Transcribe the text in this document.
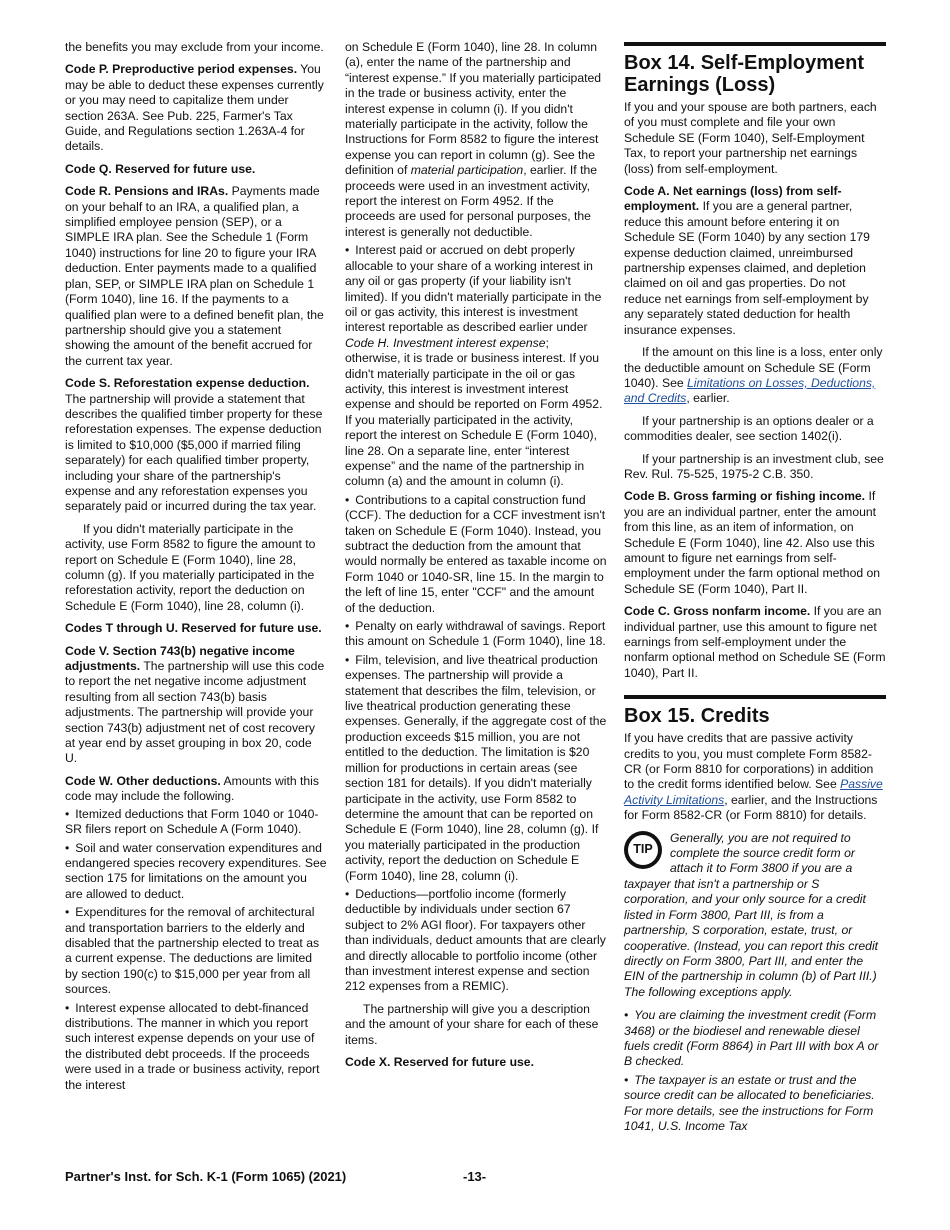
the benefits you may exclude from your income.

Code P. Preproductive period expenses. You may be able to deduct these expenses currently or you may need to capitalize them under section 263A. See Pub. 225, Farmer's Tax Guide, and Regulations section 1.263A-4 for details.

Code Q. Reserved for future use.

Code R. Pensions and IRAs. Payments made on your behalf to an IRA, a qualified plan, a simplified employee pension (SEP), or a SIMPLE IRA plan. See the Schedule 1 (Form 1040) instructions for line 20 to figure your IRA deduction. Enter payments made to a qualified plan, SEP, or SIMPLE IRA plan on Schedule 1 (Form 1040), line 16. If the payments to a qualified plan were to a defined benefit plan, the partnership should give you a statement showing the amount of the benefit accrued for the current tax year.

Code S. Reforestation expense deduction. The partnership will provide a statement that describes the qualified timber property for these reforestation expenses. The expense deduction is limited to $10,000 ($5,000 if married filing separately) for each qualified timber property, including your share of the partnership's expense and any reforestation expenses you separately paid or incurred during the tax year.

If you didn't materially participate in the activity, use Form 8582 to figure the amount to report on Schedule E (Form 1040), line 28, column (g). If you materially participated in the reforestation activity, report the deduction on Schedule E (Form 1040), line 28, column (i).

Codes T through U. Reserved for future use.

Code V. Section 743(b) negative income adjustments. The partnership will use this code to report the net negative income adjustment resulting from all section 743(b) basis adjustments. The partnership will provide your section 743(b) adjustment net of cost recovery at year end by asset grouping in box 20, code U.

Code W. Other deductions. Amounts with this code may include the following.

• Itemized deductions that Form 1040 or 1040-SR filers report on Schedule A (Form 1040).
• Soil and water conservation expenditures and endangered species recovery expenditures. See section 175 for limitations on the amount you are allowed to deduct.
• Expenditures for the removal of architectural and transportation barriers to the elderly and disabled that the partnership elected to treat as a current expense. The deductions are limited by section 190(c) to $15,000 per year from all sources.
• Interest expense allocated to debt-financed distributions. The manner in which you report such interest expense depends on your use of the distributed debt proceeds. If the proceeds were used in a trade or business activity, report the interest

on Schedule E (Form 1040), line 28. In column (a), enter the name of the partnership and “interest expense.” If you materially participated in the trade or business activity, enter the interest expense in column (i). If you didn't materially participate in the activity, follow the Instructions for Form 8582 to figure the interest expense you can report in column (g). See the definition of material participation, earlier. If the proceeds were used in an investment activity, report the interest on Form 4952. If the proceeds are used for personal purposes, the interest is generally not deductible.

• Interest paid or accrued on debt properly allocable to your share of a working interest in any oil or gas property (if your liability isn't limited). If you didn't materially participate in the oil or gas activity, this interest is investment interest reportable as described earlier under Code H. Investment interest expense; otherwise, it is trade or business interest. If you didn't materially participate in the oil or gas activity, this interest is investment interest expense and should be reported on Form 4952. If you materially participated in the activity, report the interest on Schedule E (Form 1040), line 28. On a separate line, enter “interest expense” and the name of the partnership in column (a) and the amount in column (i).
• Contributions to a capital construction fund (CCF). The deduction for a CCF investment isn't taken on Schedule E (Form 1040). Instead, you subtract the deduction from the amount that would normally be entered as taxable income on Form 1040 or 1040-SR, line 15. In the margin to the left of line 15, enter "CCF" and the amount of the deduction.
• Penalty on early withdrawal of savings. Report this amount on Schedule 1 (Form 1040), line 18.
• Film, television, and live theatrical production expenses. The partnership will provide a statement that describes the film, television, or live theatrical production generating these expenses. Generally, if the aggregate cost of the production exceeds $15 million, you are not entitled to the deduction. The limitation is $20 million for productions in certain areas (see section 181 for details). If you didn't materially participate in the activity, use Form 8582 to determine the amount that can be reported on Schedule E (Form 1040), line 28, column (g). If you materially participated in the production activity, report the deduction on Schedule E (Form 1040), line 28, column (i).
• Deductions—portfolio income (formerly deductible by individuals under section 67 subject to 2% AGI floor). For taxpayers other than individuals, deduct amounts that are clearly and directly allocable to portfolio income (other than investment interest expense and section 212 expenses from a REMIC).

The partnership will give you a description and the amount of your share for each of these items.

Code X. Reserved for future use.

Box 14. Self-Employment Earnings (Loss)

If you and your spouse are both partners, each of you must complete and file your own Schedule SE (Form 1040), Self-Employment Tax, to report your partnership net earnings (loss) from self-employment.

Code A. Net earnings (loss) from self-employment. If you are a general partner, reduce this amount before entering it on Schedule SE (Form 1040) by any section 179 expense deduction claimed, unreimbursed partnership expenses claimed, and depletion claimed on oil and gas properties. Do not reduce net earnings from self-employment by any separately stated deduction for health insurance expenses.

If the amount on this line is a loss, enter only the deductible amount on Schedule SE (Form 1040). See Limitations on Losses, Deductions, and Credits, earlier.

If your partnership is an options dealer or a commodities dealer, see section 1402(i).

If your partnership is an investment club, see Rev. Rul. 75-525, 1975-2 C.B. 350.

Code B. Gross farming or fishing income. If you are an individual partner, enter the amount from this line, as an item of information, on Schedule E (Form 1040), line 42. Also use this amount to figure net earnings from self-employment under the farm optional method on Schedule SE (Form 1040), Part II.

Code C. Gross nonfarm income. If you are an individual partner, use this amount to figure net earnings from self-employment under the nonfarm optional method on Schedule SE (Form 1040), Part II.

Box 15. Credits

If you have credits that are passive activity credits to you, you must complete Form 8582-CR (or Form 8810 for corporations) in addition to the credit forms identified below. See Passive Activity Limitations, earlier, and the Instructions for Form 8582-CR (or Form 8810) for details.

TIP

Generally, you are not required to complete the source credit form or attach it to Form 3800 if you are a taxpayer that isn't a partnership or S corporation, and your only source for a credit listed in Form 3800, Part III, is from a partnership, S corporation, estate, trust, or cooperative. (Instead, you can report this credit directly on Form 3800, Part III, and enter the EIN of the partnership in column (b) of Part III.) The following exceptions apply.

• You are claiming the investment credit (Form 3468) or the biodiesel and renewable diesel fuels credit (Form 8864) in Part III with box A or B checked.
• The taxpayer is an estate or trust and the source credit can be allocated to beneficiaries. For more details, see the instructions for Form 1041, U.S. Income Tax
Partner's Inst. for Sch. K-1 (Form 1065) (2021)	-13-
